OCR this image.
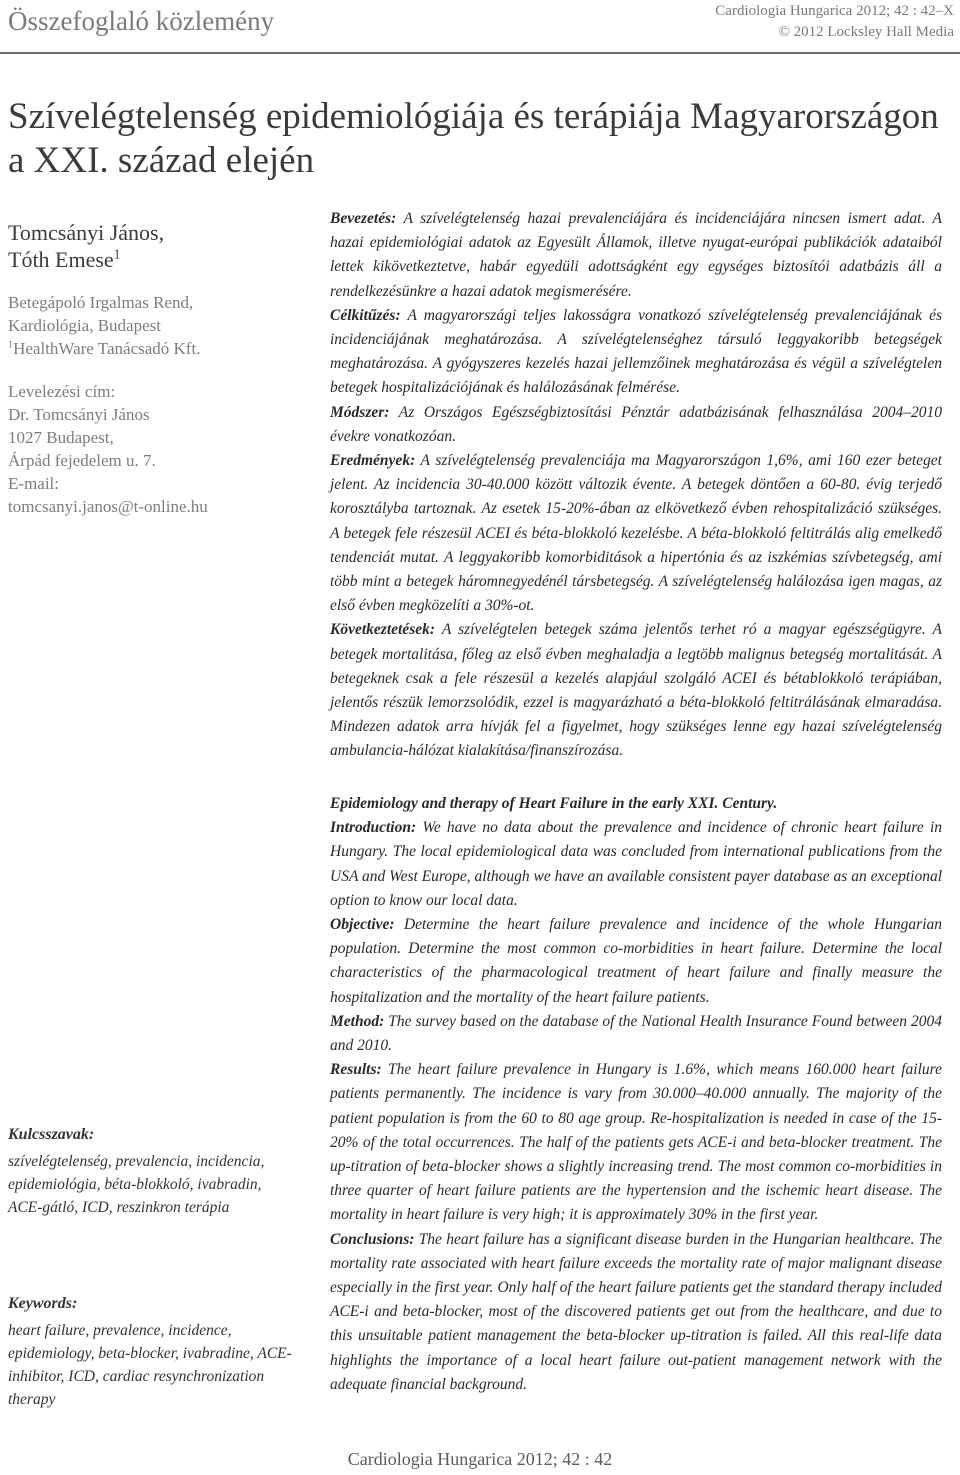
Összefoglaló közlemény	Cardiologia Hungarica 2012; 42 : 42–X
© 2012 Locksley Hall Media
Szívelégtelenség epidemiológiája és terápiája Magyarországon a XXI. század elején
Tomcsányi János,
Tóth Emese$^1$
Betegápoló Irgalmas Rend,
Kardiológia, Budapest
$^1$HealthWare Tanácsadó Kft.
Levelezési cím:
Dr. Tomcsányi János
1027 Budapest,
Árpád fejedelem u. 7.
E-mail:
tomcsanyi.janos@t-online.hu

Bevezetés: A szívelégtelenség hazai prevalenciájára és incidenciájára nincsen ismert adat. A hazai epidemiológiai adatok az Egyesült Államok, illetve nyugat-európai publikációk adataiból lettek kikövetkeztetve, habár egyedüli adottságként egy egységes biztosítói adatbázis áll a rendelkezésünkre a hazai adatok megismerésére.

Célkitűzés: A magyarországi teljes lakosságra vonatkozó szívelégtelenség prevalenciájának és incidenciájának meghatározása. A szívelégtelenséghez társuló leggyakoribb betegségek meghatározása. A gyógyszeres kezelés hazai jellemzőinek meghatározása és végül a szívelégtelen betegek hospitalizációjának és halálozásának felmérése.

Módszer: Az Országos Egészségbiztosítási Pénztár adatbázisának felhasználása 2004–2010 évekre vonatkozóan.

Eredmények: A szívelégtelenség prevalenciája ma Magyarországon 1,6%, ami 160 ezer beteget jelent. Az incidencia 30-40.000 között változik évente. A betegek döntően a 60-80. évig terjedő korosztályba tartoznak. Az esetek 15-20%-ában az elkövetkező évben rehospitalizáció szükséges. A betegek fele részesül ACEI és béta-blokkoló kezelésbe. A béta-blokkoló feltitrálás alig emelkedő tendenciát mutat. A leggyakoribb komorbiditások a hipertónia és az iszkémias szívbetegség, ami több mint a betegek háromnegyedénél társbetegség. A szívelégtelenség halálozása igen magas, az első évben megközelíti a 30%-ot.

Következtetések: A szívelégtelen betegek száma jelentős terhet ró a magyar egészségügyre. A betegek mortalitása, főleg az első évben meghaladja a legtöbb malignus betegség mortalitását. A betegeknek csak a fele részesül a kezelés alapjául szolgáló ACEI és bétablokkoló terápiában, jelentős részük lemorzsolódik, ezzel is magyarázható a béta-blokkoló feltitrálásának elmaradása. Mindezen adatok arra hívják fel a figyelmet, hogy szükséges lenne egy hazai szívelégtelenség ambulancia-hálózat kialakítása/finanszírozása.

Epidemiology and therapy of Heart Failure in the early XXI. Century.

Introduction: We have no data about the prevalence and incidence of chronic heart failure in Hungary. The local epidemiological data was concluded from international publications from the USA and West Europe, although we have an available consistent payer database as an exceptional option to know our local data.

Objective: Determine the heart failure prevalence and incidence of the whole Hungarian population. Determine the most common co-morbidities in heart failure. Determine the local characteristics of the pharmacological treatment of heart failure and finally measure the hospitalization and the mortality of the heart failure patients.

Method: The survey based on the database of the National Health Insurance Found between 2004 and 2010.

Results: The heart failure prevalence in Hungary is 1.6%, which means 160.000 heart failure patients permanently. The incidence is vary from 30.000–40.000 annually. The majority of the patient population is from the 60 to 80 age group. Re-hospitalization is needed in case of the 15-20% of the total occurrences. The half of the patients gets ACE-i and beta-blocker treatment. The up-titration of beta-blocker shows a slightly increasing trend. The most common co-morbidities in three quarter of heart failure patients are the hypertension and the ischemic heart disease. The mortality in heart failure is very high; it is approximately 30% in the first year.

Conclusions: The heart failure has a significant disease burden in the Hungarian healthcare. The mortality rate associated with heart failure exceeds the mortality rate of major malignant disease especially in the first year. Only half of the heart failure patients get the standard therapy included ACE-i and beta-blocker, most of the discovered patients get out from the healthcare, and due to this unsuitable patient management the beta-blocker up-titration is failed. All this real-life data highlights the importance of a local heart failure out-patient management network with the adequate financial background.

Kulcsszavak:
szívelégtelenség, prevalencia, incidencia, epidemiológia, béta-blokkoló, ivabradin, ACE-gátló, ICD, reszinkron terápia
Keywords:
heart failure, prevalence, incidence, epidemiology, beta-blocker, ivabradine, ACE-inhibitor, ICD, cardiac resynchronization therapy
Cardiologia Hungarica 2012; 42 : 42
